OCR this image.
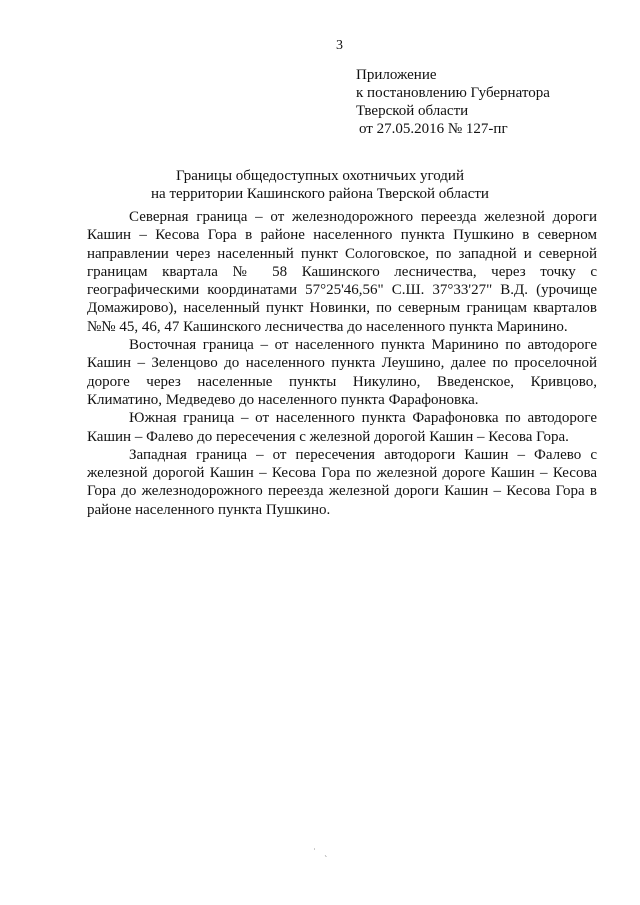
3
Приложение
к постановлению Губернатора
Тверской области
от 27.05.2016 № 127-пг
Границы общедоступных охотничьих угодий
на территории Кашинского района Тверской области

Северная граница – от железнодорожного переезда железной дороги Кашин – Кесова Гора в районе населенного пункта Пушкино в северном направлении через населенный пункт Сологовское, по западной и северной границам квартала № 58 Кашинского лесничества, через точку с географическими координатами 57°25'46,56" С.Ш. 37°33'27" В.Д. (урочище Домажирово), населенный пункт Новинки, по северным границам кварталов №№ 45, 46, 47 Кашинского лесничества до населенного пункта Маринино.

Восточная граница – от населенного пункта Маринино по автодороге Кашин – Зеленцово до населенного пункта Леушино, далее по проселочной дороге через населенные пункты Никулино, Введенское, Кривцово, Климатино, Медведево до населенного пункта Фарафоновка.

Южная граница – от населенного пункта Фарафоновка по автодороге Кашин – Фалево до пересечения с железной дорогой Кашин – Кесова Гора.

Западная граница – от пересечения автодороги Кашин – Фалево с железной дорогой Кашин – Кесова Гора по железной дороге Кашин – Кесова Гора до железнодорожного переезда железной дороги Кашин – Кесова Гора в районе населенного пункта Пушкино.

˙ ˎ
